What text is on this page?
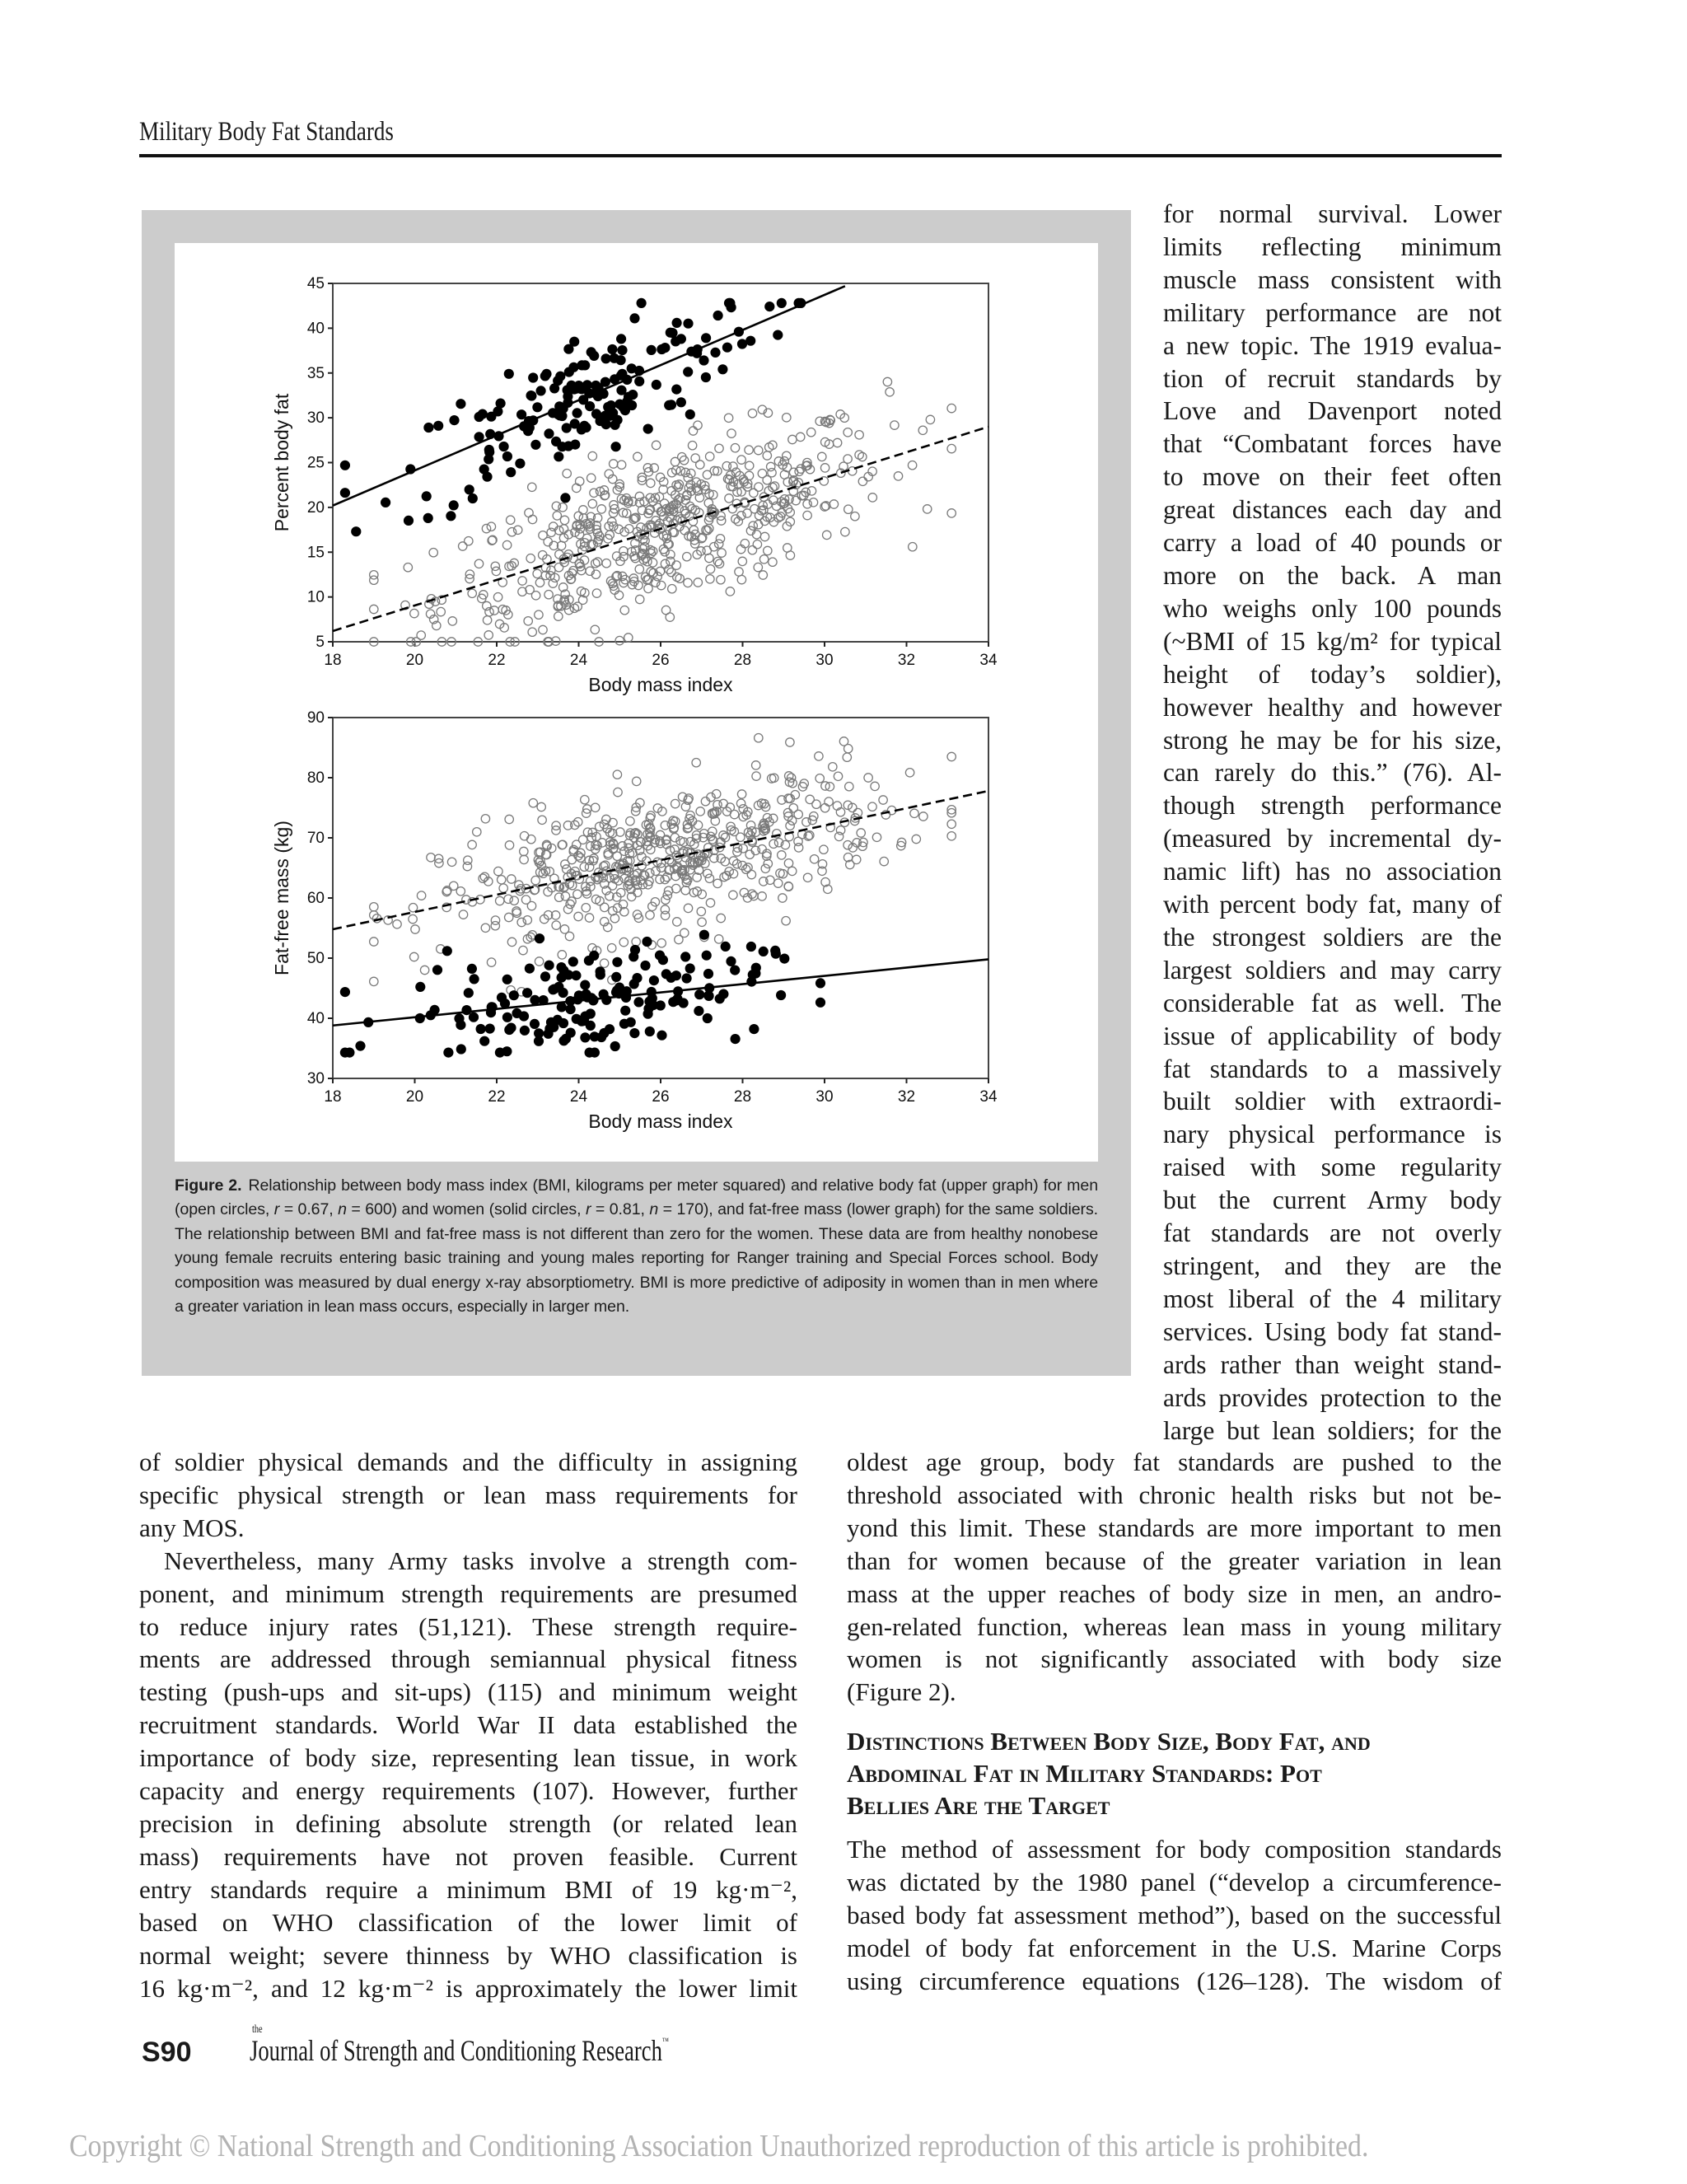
Military Body Fat Standards
18	20	22	24	26	28	30	32	34
5
10
15
20
25
30
35
40
45
Body mass index
Percent body fat
18	20	22	24	26	28	30	32	34
30
40
50
60
70
80
90
Body mass index
Fat-free mass (kg)
Figure 2. Relationship between body mass index (BMI, kilograms per meter squared) and relative body fat (upper graph) for men (open circles, r = 0.67, n = 600) and women (solid circles, r = 0.81, n = 170), and fat-free mass (lower graph) for the same soldiers. The relationship between BMI and fat-free mass is not different than zero for the women. These data are from healthy nonobese young female recruits entering basic training and young males reporting for Ranger training and Special Forces school. Body composition was measured by dual energy x-ray absorptiometry. BMI is more predictive of adiposity in women than in men where a greater variation in lean mass occurs, especially in larger men.
for normal survival. Lower
limits reflecting minimum
muscle mass consistent with
military performance are not
a new topic. The 1919 evalua-
tion of recruit standards by
Love and Davenport noted
that “Combatant forces have
to move on their feet often
great distances each day and
carry a load of 40 pounds or
more on the back. A man
who weighs only 100 pounds
(~BMI of 15 kg/m² for typical
height of today’s soldier),
however healthy and however
strong he may be for his size,
can rarely do this.” (76). Al-
though strength performance
(measured by incremental dy-
namic lift) has no association
with percent body fat, many of
the strongest soldiers are the
largest soldiers and may carry
considerable fat as well. The
issue of applicability of body
fat standards to a massively
built soldier with extraordi-
nary physical performance is
raised with some regularity
but the current Army body
fat standards are not overly
stringent, and they are the
most liberal of the 4 military
services. Using body fat stand-
ards rather than weight stand-
ards provides protection to the
large but lean soldiers; for the
of soldier physical demands and the difficulty in assigning
specific physical strength or lean mass requirements for
any MOS.
Nevertheless, many Army tasks involve a strength com-
ponent, and minimum strength requirements are presumed
to reduce injury rates (51,121). These strength require-
ments are addressed through semiannual physical fitness
testing (push-ups and sit-ups) (115) and minimum weight
recruitment standards. World War II data established the
importance of body size, representing lean tissue, in work
capacity and energy requirements (107). However, further
precision in defining absolute strength (or related lean
mass) requirements have not proven feasible. Current
entry standards require a minimum BMI of 19 kg·m⁻²,
based on WHO classification of the lower limit of
normal weight; severe thinness by WHO classification is
16 kg·m⁻², and 12 kg·m⁻² is approximately the lower limit
oldest age group, body fat standards are pushed to the
threshold associated with chronic health risks but not be-
yond this limit. These standards are more important to men
than for women because of the greater variation in lean
mass at the upper reaches of body size in men, an andro-
gen-related function, whereas lean mass in young military
women is not significantly associated with body size
(Figure 2).
Distinctions Between Body Size, Body Fat, and
Abdominal Fat in Military Standards: Pot
Bellies Are the Target
The method of assessment for body composition standards
was dictated by the 1980 panel (“develop a circumference-
based body fat assessment method”), based on the successful
model of body fat enforcement in the U.S. Marine Corps
using circumference equations (126–128). The wisdom of
S90
the
Journal of Strength and Conditioning Research™
Copyright © National Strength and Conditioning Association Unauthorized reproduction of this article is prohibited.
